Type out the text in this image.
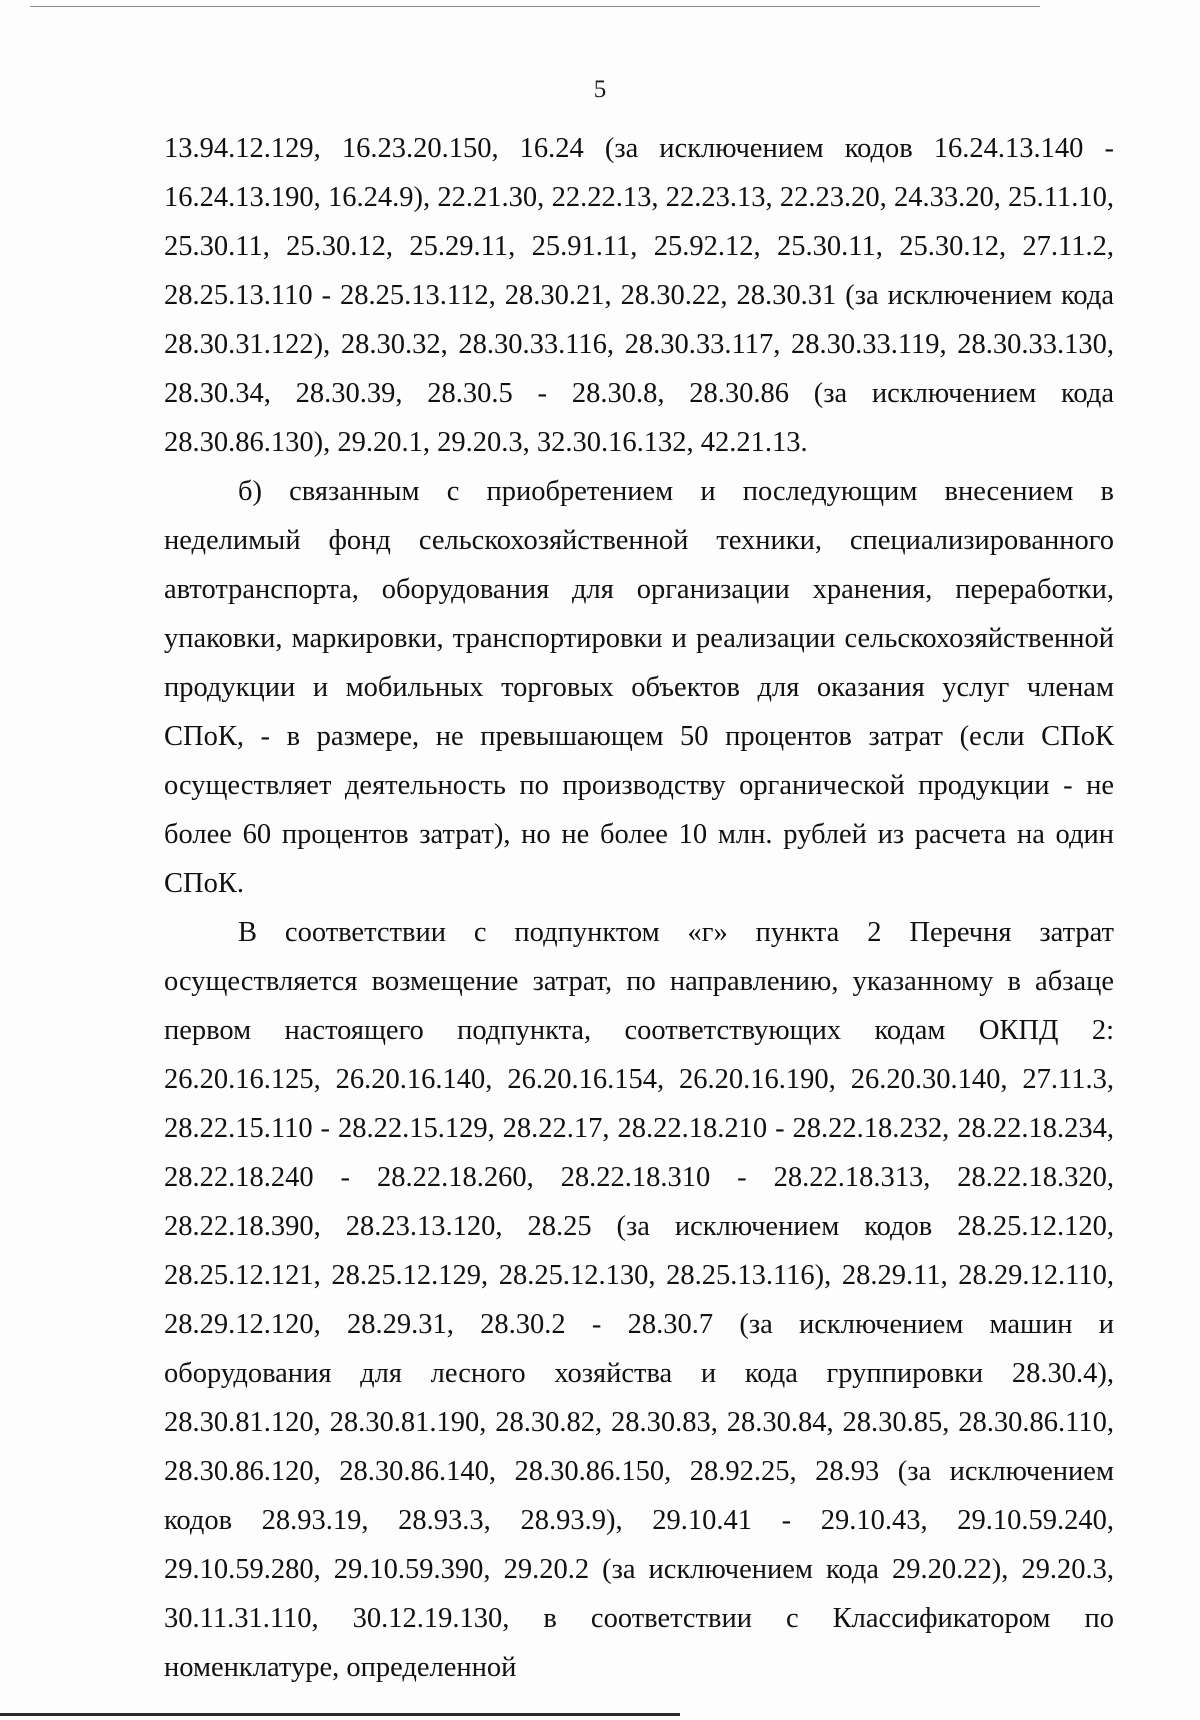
5

13.94.12.129, 16.23.20.150, 16.24 (за исключением кодов 16.24.13.140 - 16.24.13.190, 16.24.9), 22.21.30, 22.22.13, 22.23.13, 22.23.20, 24.33.20, 25.11.10, 25.30.11, 25.30.12, 25.29.11, 25.91.11, 25.92.12, 25.30.11, 25.30.12, 27.11.2, 28.25.13.110 - 28.25.13.112, 28.30.21, 28.30.22, 28.30.31 (за исключением кода 28.30.31.122), 28.30.32, 28.30.33.116, 28.30.33.117, 28.30.33.119, 28.30.33.130, 28.30.34, 28.30.39, 28.30.5 - 28.30.8, 28.30.86 (за исключением кода 28.30.86.130), 29.20.1, 29.20.3, 32.30.16.132, 42.21.13.

б) связанным с приобретением и последующим внесением в неделимый фонд сельскохозяйственной техники, специализированного автотранспорта, оборудования для организации хранения, переработки, упаковки, маркировки, транспортировки и реализации сельскохозяйственной продукции и мобильных торговых объектов для оказания услуг членам СПоК, - в размере, не превышающем 50 процентов затрат (если СПоК осуществляет деятельность по производству органической продукции - не более 60 процентов затрат), но не более 10 млн. рублей из расчета на один СПоК.

В соответствии с подпунктом «г» пункта 2 Перечня затрат осуществляется возмещение затрат, по направлению, указанному в абзаце первом настоящего подпункта, соответствующих кодам ОКПД 2: 26.20.16.125, 26.20.16.140, 26.20.16.154, 26.20.16.190, 26.20.30.140, 27.11.3, 28.22.15.110 - 28.22.15.129, 28.22.17, 28.22.18.210 - 28.22.18.232, 28.22.18.234, 28.22.18.240 - 28.22.18.260, 28.22.18.310 - 28.22.18.313, 28.22.18.320, 28.22.18.390, 28.23.13.120, 28.25 (за исключением кодов 28.25.12.120, 28.25.12.121, 28.25.12.129, 28.25.12.130, 28.25.13.116), 28.29.11, 28.29.12.110, 28.29.12.120, 28.29.31, 28.30.2 - 28.30.7 (за исключением машин и оборудования для лесного хозяйства и кода группировки 28.30.4), 28.30.81.120, 28.30.81.190, 28.30.82, 28.30.83, 28.30.84, 28.30.85, 28.30.86.110, 28.30.86.120, 28.30.86.140, 28.30.86.150, 28.92.25, 28.93 (за исключением кодов 28.93.19, 28.93.3, 28.93.9), 29.10.41 - 29.10.43, 29.10.59.240, 29.10.59.280, 29.10.59.390, 29.20.2 (за исключением кода 29.20.22), 29.20.3, 30.11.31.110, 30.12.19.130, в соответствии с Классификатором по номенклатуре, определенной
